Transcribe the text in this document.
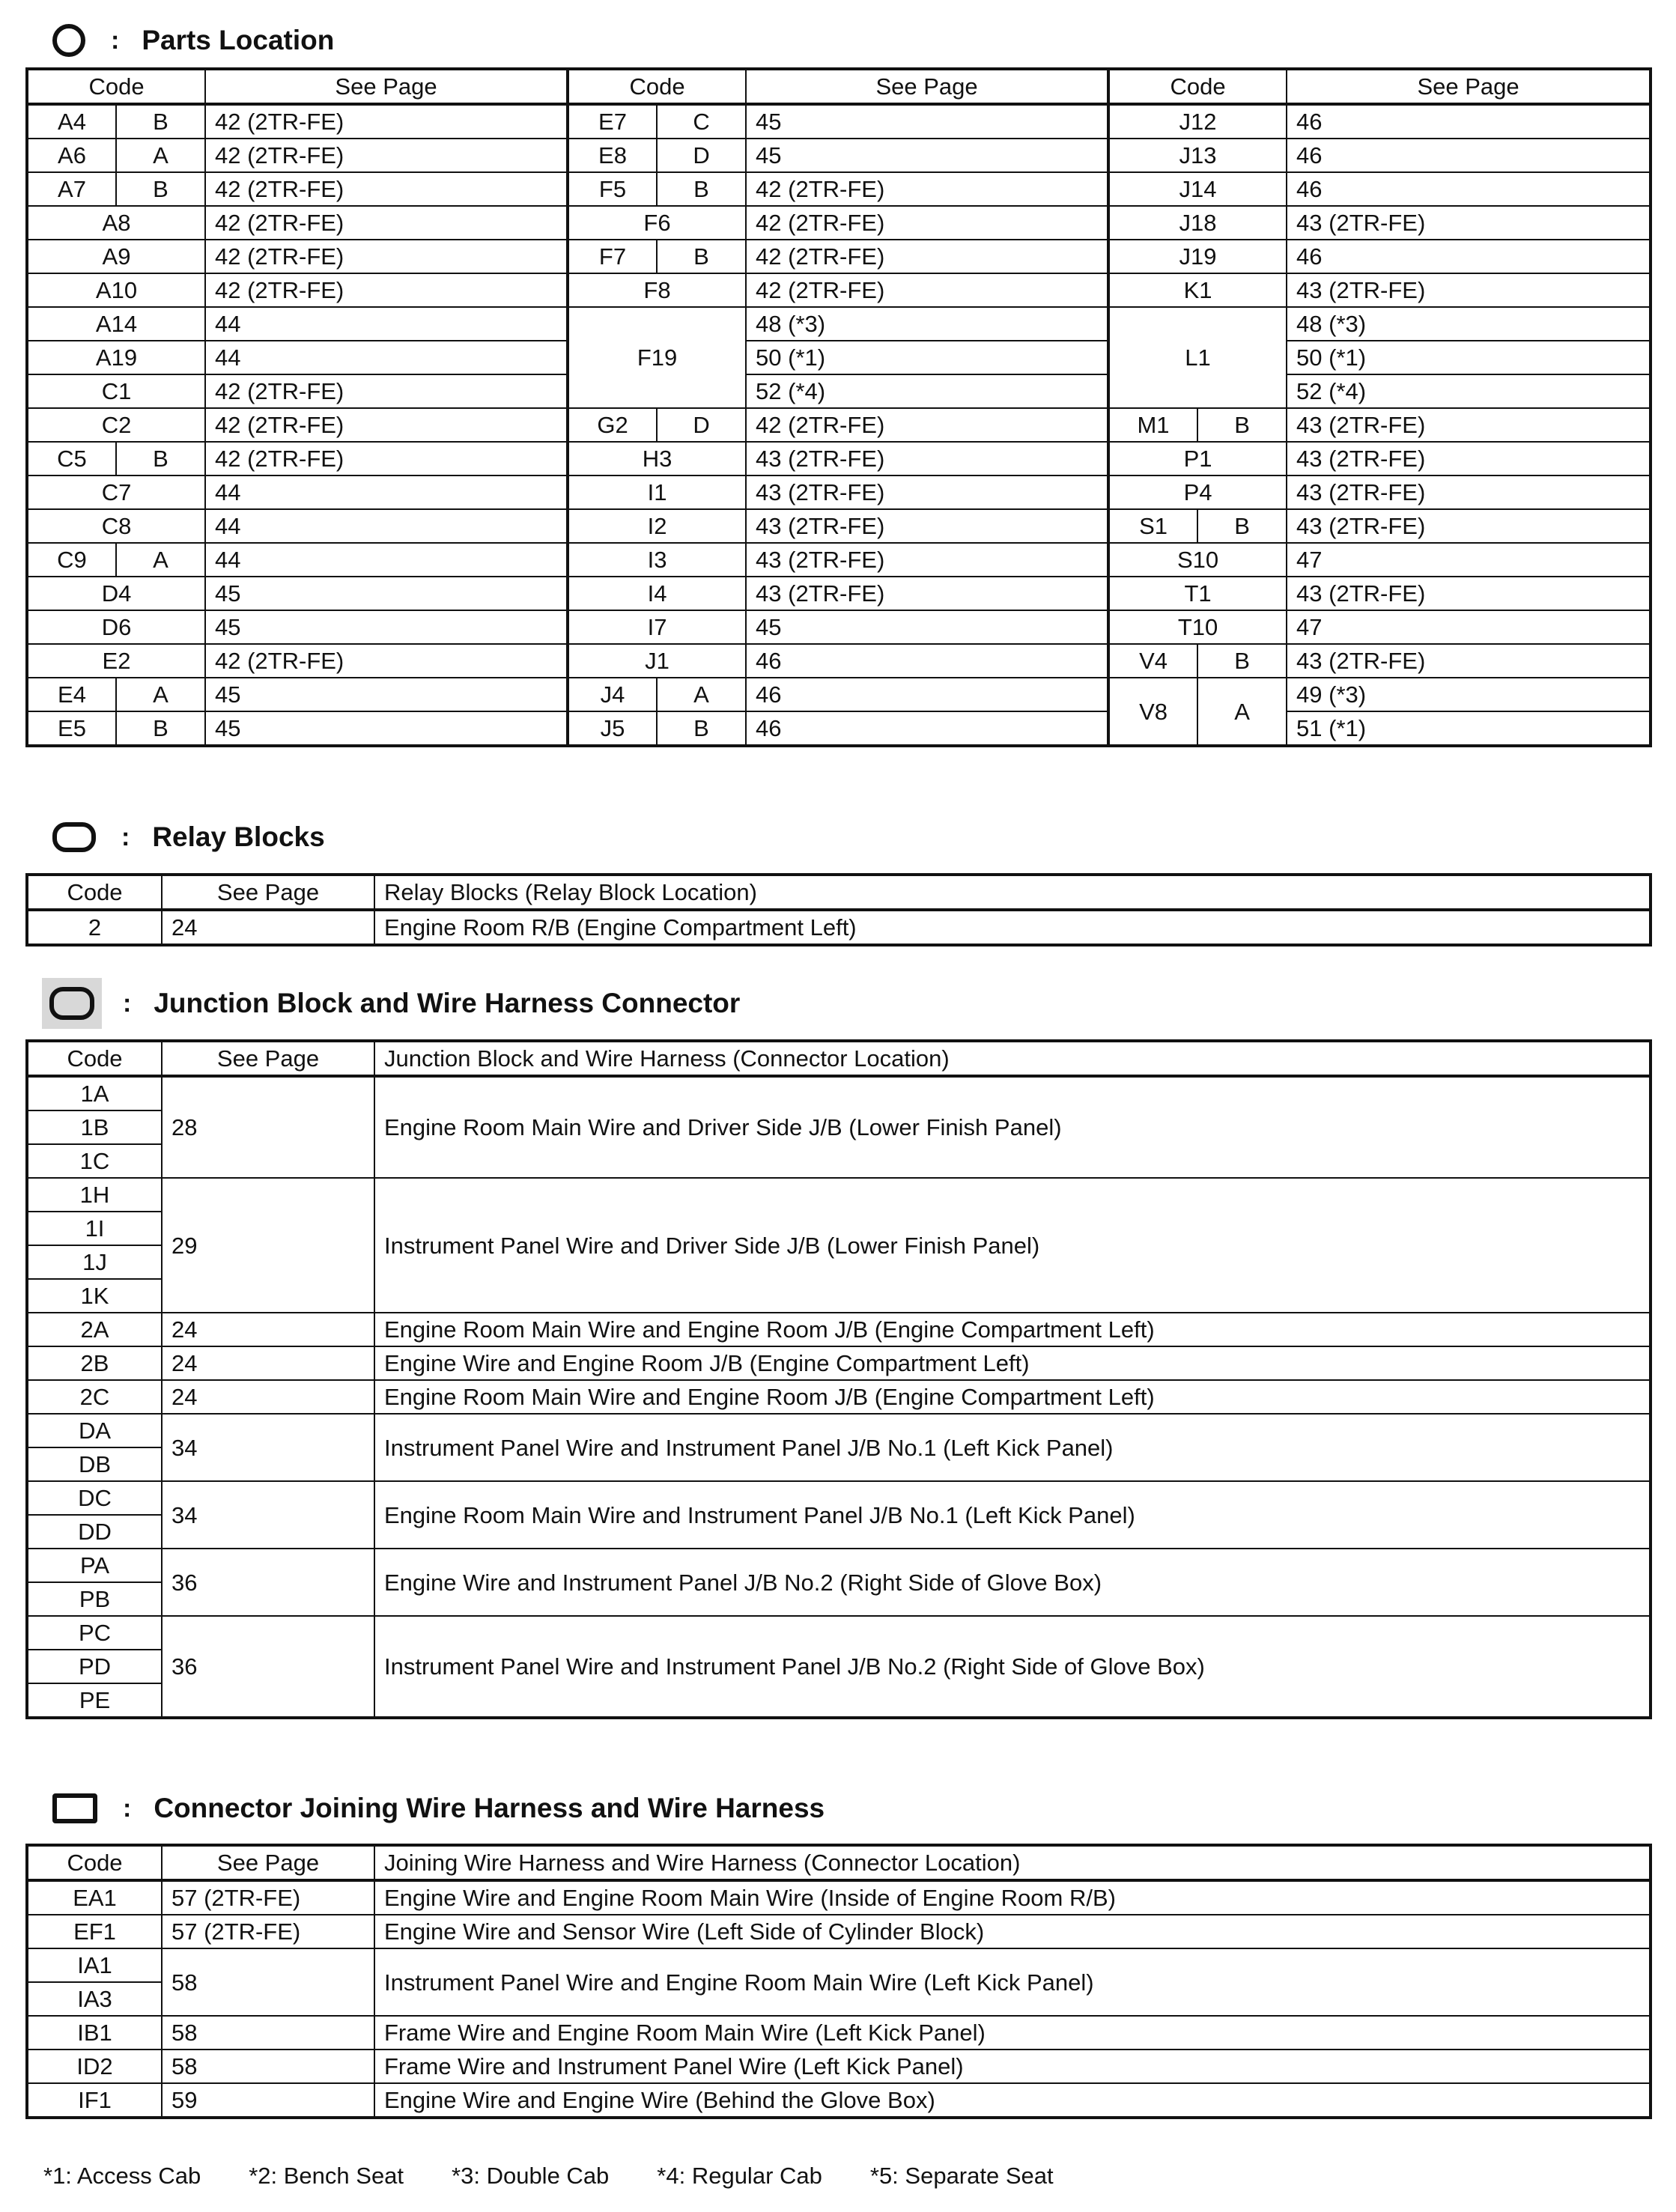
: Parts Location
Code		See Page	Code		See Page	Code		See Page
A4	B	42 (2TR-FE)	E7	C	45	J12		46
A6	A	42 (2TR-FE)	E8	D	45	J13		46
A7	B	42 (2TR-FE)	F5	B	42 (2TR-FE)	J14		46
A8		42 (2TR-FE)	F6		42 (2TR-FE)	J18		43 (2TR-FE)
A9		42 (2TR-FE)	F7	B	42 (2TR-FE)	J19		46
A10		42 (2TR-FE)	F8		42 (2TR-FE)	K1		43 (2TR-FE)
A14		44	F19		48 (*3)	L1		48 (*3)
A19		44			50 (*1)			50 (*1)
C1		42 (2TR-FE)			52 (*4)			52 (*4)
C2		42 (2TR-FE)	G2	D	42 (2TR-FE)	M1	B	43 (2TR-FE)
C5	B	42 (2TR-FE)	H3		43 (2TR-FE)	P1		43 (2TR-FE)
C7		44	I1		43 (2TR-FE)	P4		43 (2TR-FE)
C8		44	I2		43 (2TR-FE)	S1	B	43 (2TR-FE)
C9	A	44	I3		43 (2TR-FE)	S10		47
D4		45	I4		43 (2TR-FE)	T1		43 (2TR-FE)
D6		45	I7		45	T10		47
E2		42 (2TR-FE)	J1		46	V4	B	43 (2TR-FE)
E4	A	45	J4	A	46	V8	A	49 (*3)
E5	B	45	J5	B	46			51 (*1)
: Relay Blocks
Code	See Page	Relay Blocks (Relay Block Location)
2	24	Engine Room R/B (Engine Compartment Left)
: Junction Block and Wire Harness Connector
Code	See Page	Junction Block and Wire Harness (Connector Location)
1A	28	Engine Room Main Wire and Driver Side J/B (Lower Finish Panel)
1B		
1C		
1H	29	Instrument Panel Wire and Driver Side J/B (Lower Finish Panel)
1I		
1J		
1K		
2A	24	Engine Room Main Wire and Engine Room J/B (Engine Compartment Left)
2B	24	Engine Wire and Engine Room J/B (Engine Compartment Left)
2C	24	Engine Room Main Wire and Engine Room J/B (Engine Compartment Left)
DA	34	Instrument Panel Wire and Instrument Panel J/B No.1 (Left Kick Panel)
DB		
DC	34	Engine Room Main Wire and Instrument Panel J/B No.1 (Left Kick Panel)
DD		
PA	36	Engine Wire and Instrument Panel J/B No.2 (Right Side of Glove Box)
PB		
PC	36	Instrument Panel Wire and Instrument Panel J/B No.2 (Right Side of Glove Box)
PD		
PE		
: Connector Joining Wire Harness and Wire Harness
Code	See Page	Joining Wire Harness and Wire Harness (Connector Location)
EA1	57 (2TR-FE)	Engine Wire and Engine Room Main Wire (Inside of Engine Room R/B)
EF1	57 (2TR-FE)	Engine Wire and Sensor Wire (Left Side of Cylinder Block)
IA1	58	Instrument Panel Wire and Engine Room Main Wire (Left Kick Panel)
IA3		
IB1	58	Frame Wire and Engine Room Main Wire (Left Kick Panel)
ID2	58	Frame Wire and Instrument Panel Wire (Left Kick Panel)
IF1	59	Engine Wire and Engine Wire (Behind the Glove Box)
*1: Access Cab *2: Bench Seat *3: Double Cab *4: Regular Cab *5: Separate Seat
